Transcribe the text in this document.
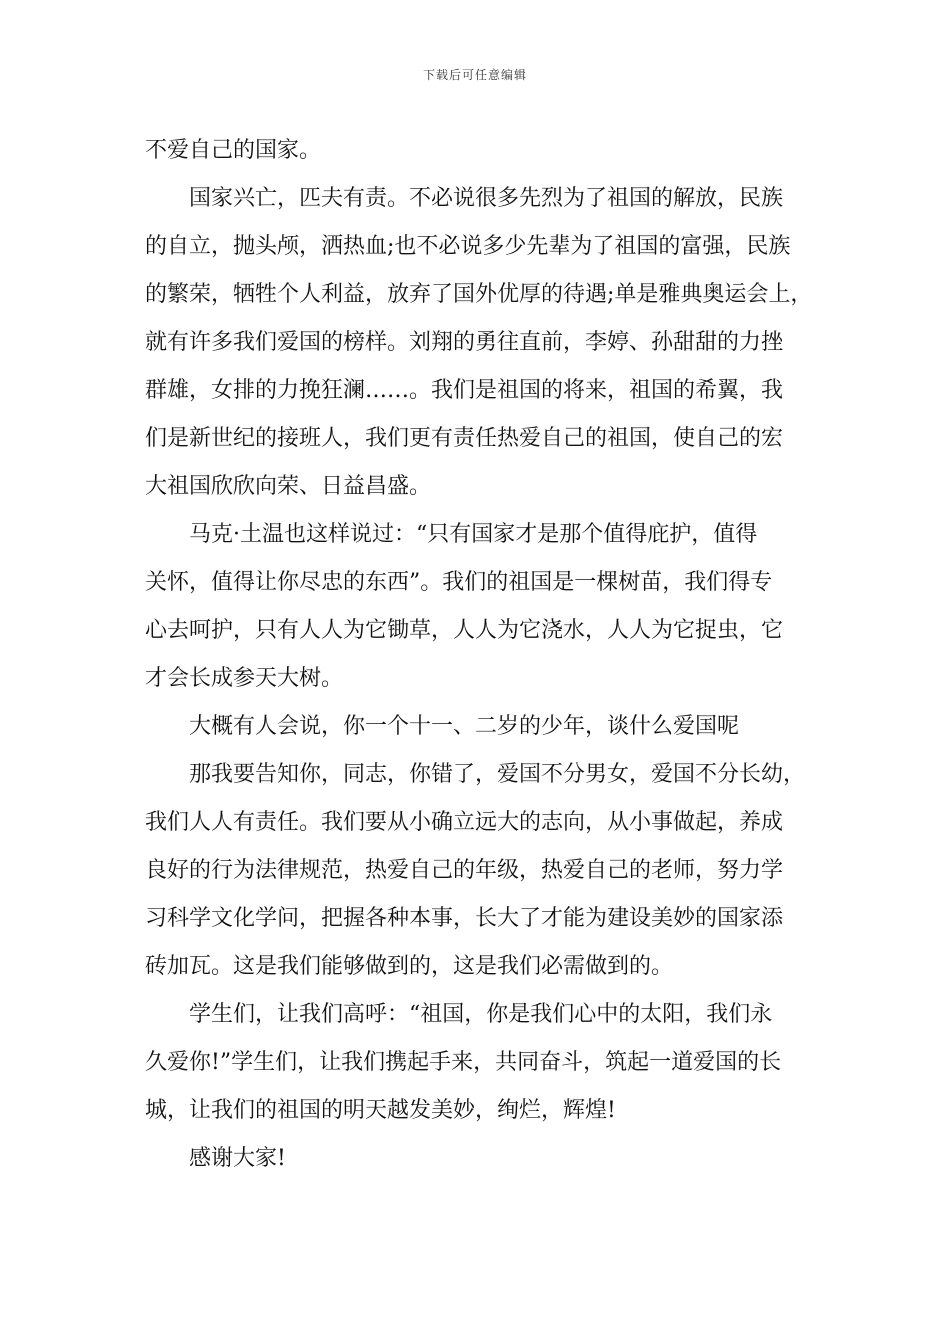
下载后可任意编辑
不爱自己的国家。
国家兴亡，匹夫有责。不必说很多先烈为了祖国的解放，民族
的自立，抛头颅，洒热血;也不必说多少先辈为了祖国的富强，民族
的繁荣，牺牲个人利益，放弃了国外优厚的待遇;单是雅典奥运会上，
就有许多我们爱国的榜样。刘翔的勇往直前，李婷、孙甜甜的力挫
群雄，女排的力挽狂澜……。我们是祖国的将来，祖国的希翼，我
们是新世纪的接班人，我们更有责任热爱自己的祖国，使自己的宏
大祖国欣欣向荣、日益昌盛。
马克·土温也这样说过：“只有国家才是那个值得庇护，值得
关怀，值得让你尽忠的东西”。我们的祖国是一棵树苗，我们得专
心去呵护，只有人人为它锄草，人人为它浇水，人人为它捉虫，它
才会长成参天大树。
大概有人会说，你一个十一、二岁的少年，谈什么爱国呢
那我要告知你，同志，你错了，爱国不分男女，爱国不分长幼，
我们人人有责任。我们要从小确立远大的志向，从小事做起，养成
良好的行为法律规范，热爱自己的年级，热爱自己的老师，努力学
习科学文化学问，把握各种本事，长大了才能为建设美妙的国家添
砖加瓦。这是我们能够做到的，这是我们必需做到的。
学生们，让我们高呼：“祖国，你是我们心中的太阳，我们永
久爱你!”学生们，让我们携起手来，共同奋斗，筑起一道爱国的长
城，让我们的祖国的明天越发美妙，绚烂，辉煌!
感谢大家!
